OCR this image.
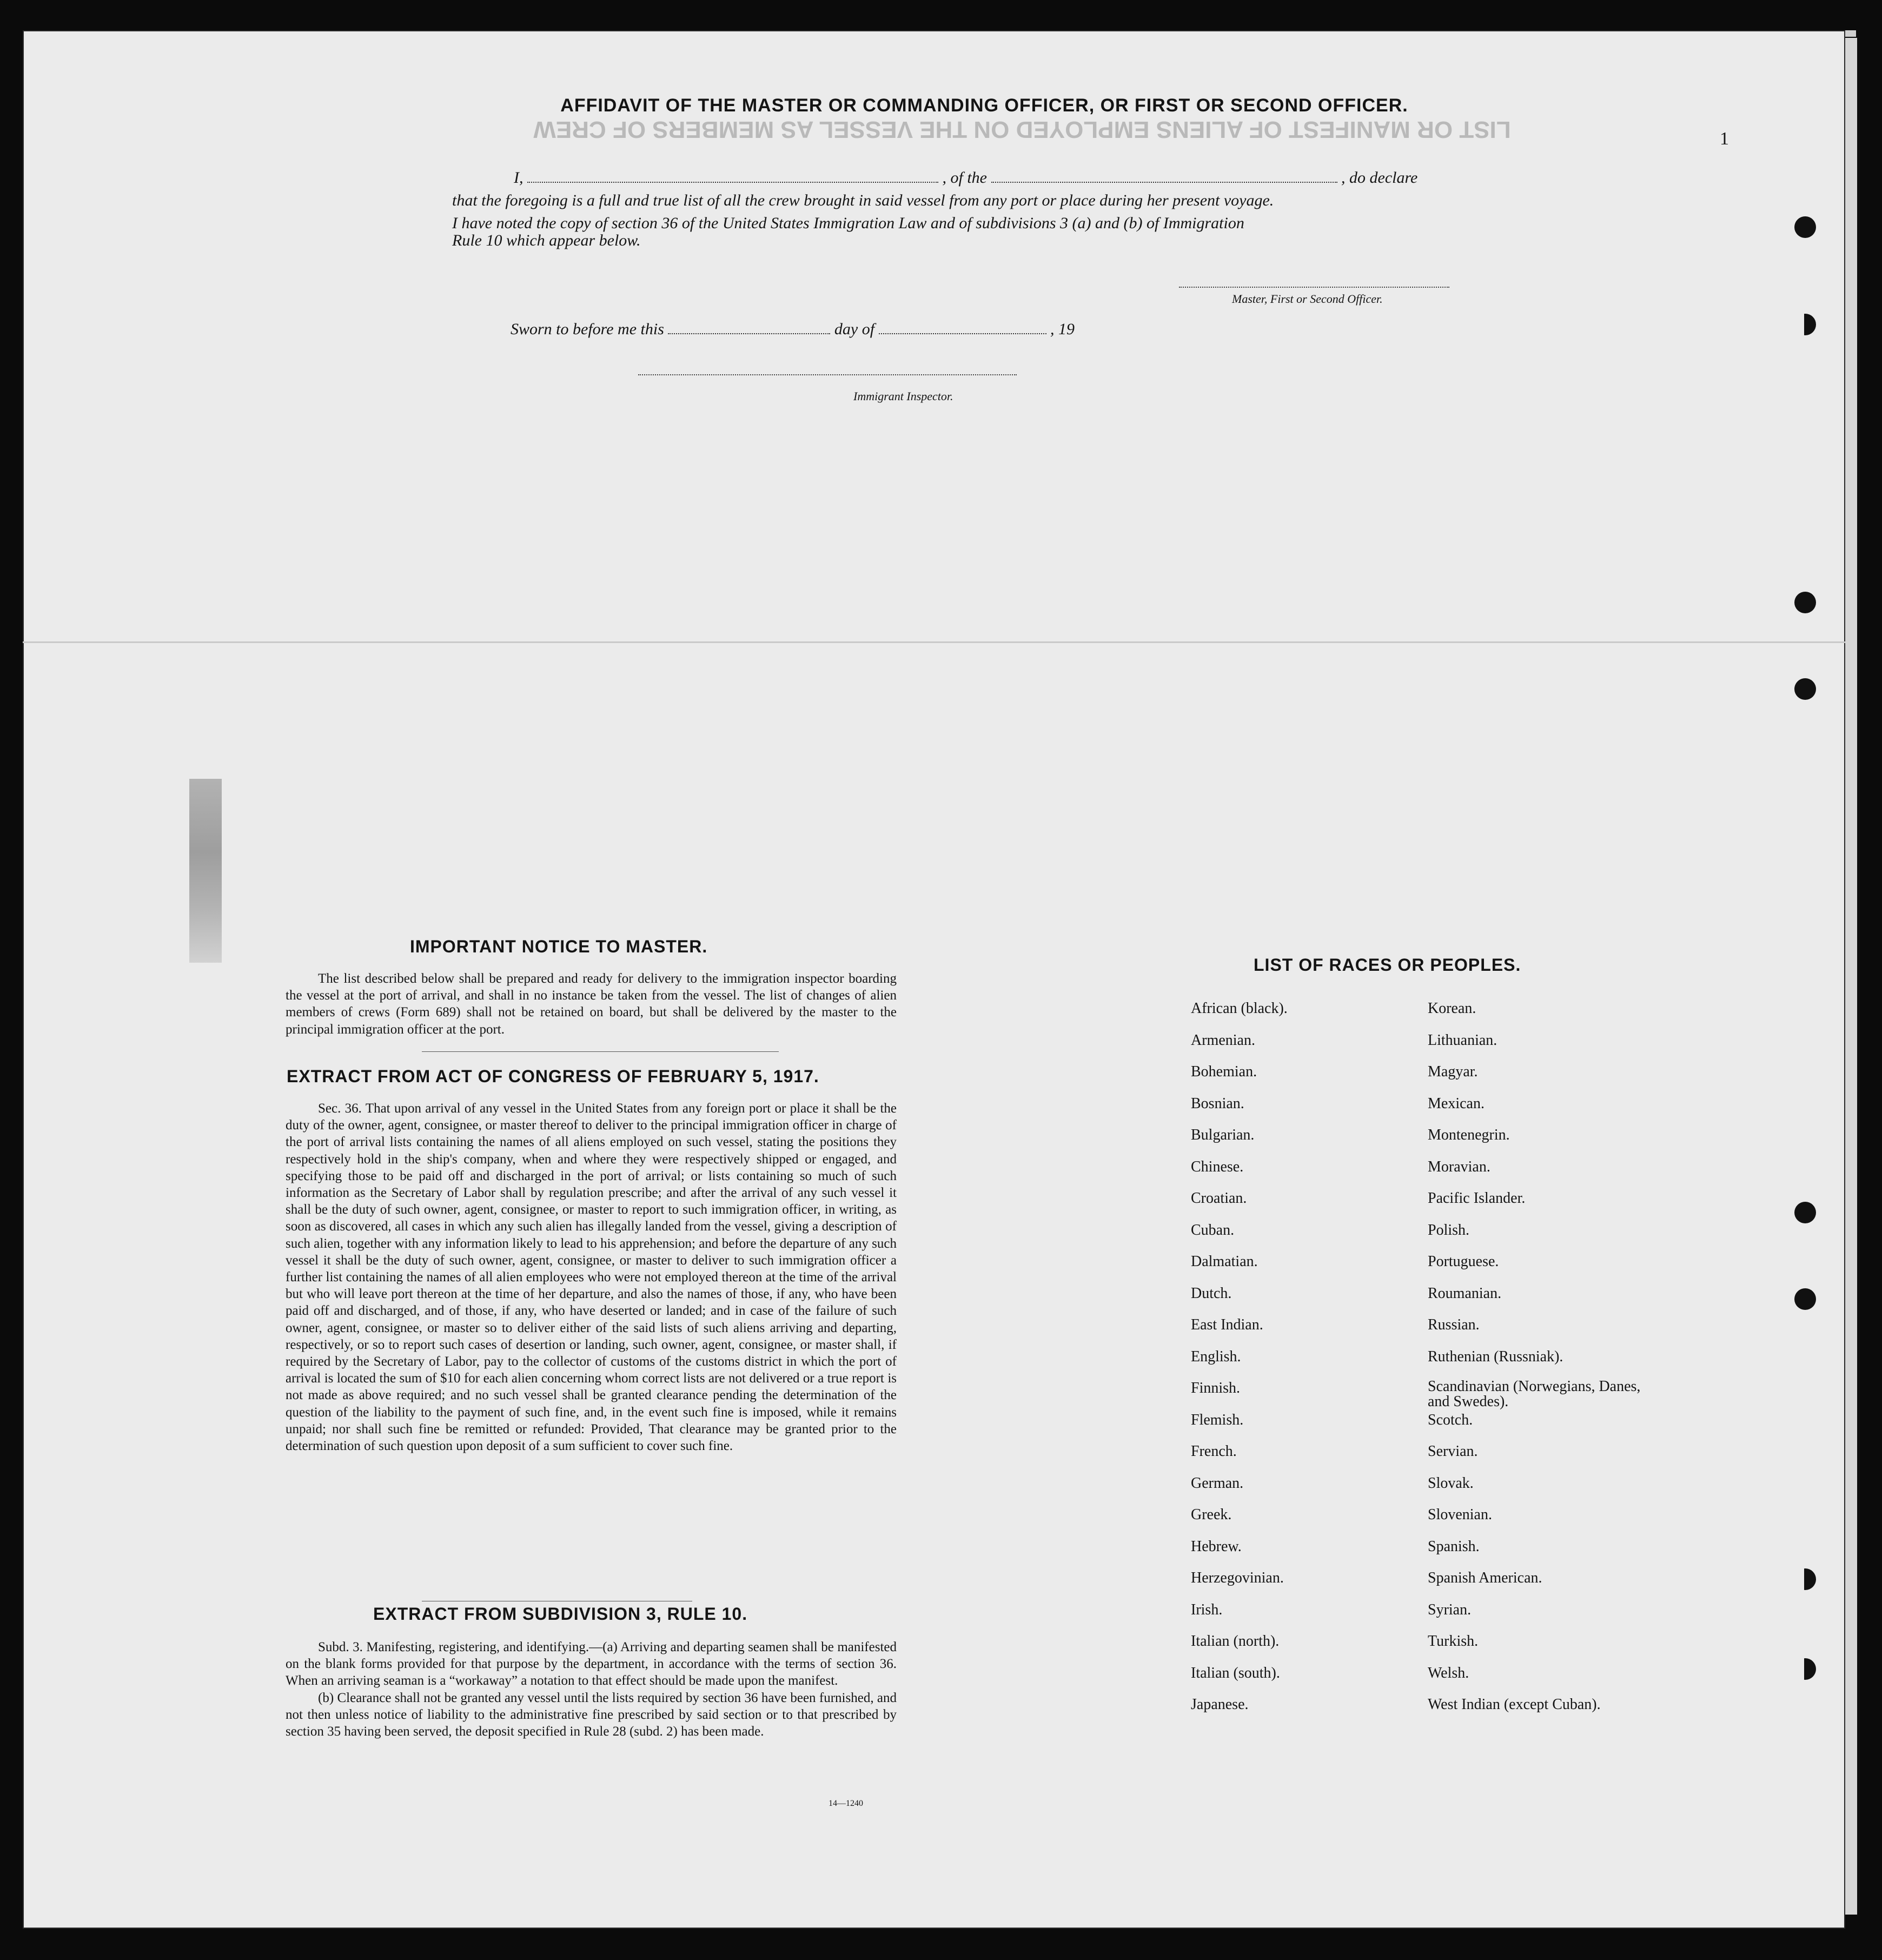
LIST OR MANIFEST OF ALIENS EMPLOYED ON THE VESSEL AS MEMBERS OF CREW	1
AFFIDAVIT OF THE MASTER OR COMMANDING OFFICER, OR FIRST OR SECOND OFFICER.
I,	, of the	, do declare
that the foregoing is a full and true list of all the crew brought in said vessel from any port or place during her present voyage.
I have noted the copy of section 36 of the United States Immigration Law and of subdivisions 3 (a) and (b) of Immigration
Rule 10 which appear below.
Master, First or Second Officer.
Sworn to before me this	day of	, 19
Immigrant Inspector.
IMPORTANT NOTICE TO MASTER.

The list described below shall be prepared and ready for delivery to the immigration inspector boarding the vessel at the port of arrival, and shall in no instance be taken from the vessel. The list of changes of alien members of crews (Form 689) shall not be retained on board, but shall be delivered by the master to the principal immigration officer at the port.

EXTRACT FROM ACT OF CONGRESS OF FEBRUARY 5, 1917.

Sec. 36. That upon arrival of any vessel in the United States from any foreign port or place it shall be the duty of the owner, agent, consignee, or master thereof to deliver to the principal immigration officer in charge of the port of arrival lists containing the names of all aliens employed on such vessel, stating the positions they respectively hold in the ship's company, when and where they were respectively shipped or engaged, and specifying those to be paid off and discharged in the port of arrival; or lists containing so much of such information as the Secretary of Labor shall by regulation prescribe; and after the arrival of any such vessel it shall be the duty of such owner, agent, consignee, or master to report to such immigration officer, in writing, as soon as discovered, all cases in which any such alien has illegally landed from the vessel, giving a description of such alien, together with any information likely to lead to his apprehension; and before the departure of any such vessel it shall be the duty of such owner, agent, consignee, or master to deliver to such immigration officer a further list containing the names of all alien employees who were not employed thereon at the time of the arrival but who will leave port thereon at the time of her departure, and also the names of those, if any, who have been paid off and discharged, and of those, if any, who have deserted or landed; and in case of the failure of such owner, agent, consignee, or master so to deliver either of the said lists of such aliens arriving and departing, respectively, or so to report such cases of desertion or landing, such owner, agent, consignee, or master shall, if required by the Secretary of Labor, pay to the collector of customs of the customs district in which the port of arrival is located the sum of $10 for each alien concerning whom correct lists are not delivered or a true report is not made as above required; and no such vessel shall be granted clearance pending the determination of the question of the liability to the payment of such fine, and, in the event such fine is imposed, while it remains unpaid; nor shall such fine be remitted or refunded: Provided, That clearance may be granted prior to the determination of such question upon deposit of a sum sufficient to cover such fine.

EXTRACT FROM SUBDIVISION 3, RULE 10.

Subd. 3. Manifesting, registering, and identifying.—(a) Arriving and departing seamen shall be manifested on the blank forms provided for that purpose by the department, in accordance with the terms of section 36. When an arriving seaman is a “workaway” a notation to that effect should be made upon the manifest.

(b) Clearance shall not be granted any vessel until the lists required by section 36 have been furnished, and not then unless notice of liability to the administrative fine prescribed by said section or to that prescribed by section 35 having been served, the deposit specified in Rule 28 (subd. 2) has been made.

14—1240
LIST OF RACES OR PEOPLES.
African (black).
Armenian.
Bohemian.
Bosnian.
Bulgarian.
Chinese.
Croatian.
Cuban.
Dalmatian.
Dutch.
East Indian.
English.
Finnish.
Flemish.
French.
German.
Greek.
Hebrew.
Herzegovinian.
Irish.
Italian (north).
Italian (south).
Japanese.
Korean.
Lithuanian.
Magyar.
Mexican.
Montenegrin.
Moravian.
Pacific Islander.
Polish.
Portuguese.
Roumanian.
Russian.
Ruthenian (Russniak).
Scandinavian (Norwegians, Danes, and Swedes).
Scotch.
Servian.
Slovak.
Slovenian.
Spanish.
Spanish American.
Syrian.
Turkish.
Welsh.
West Indian (except Cuban).
